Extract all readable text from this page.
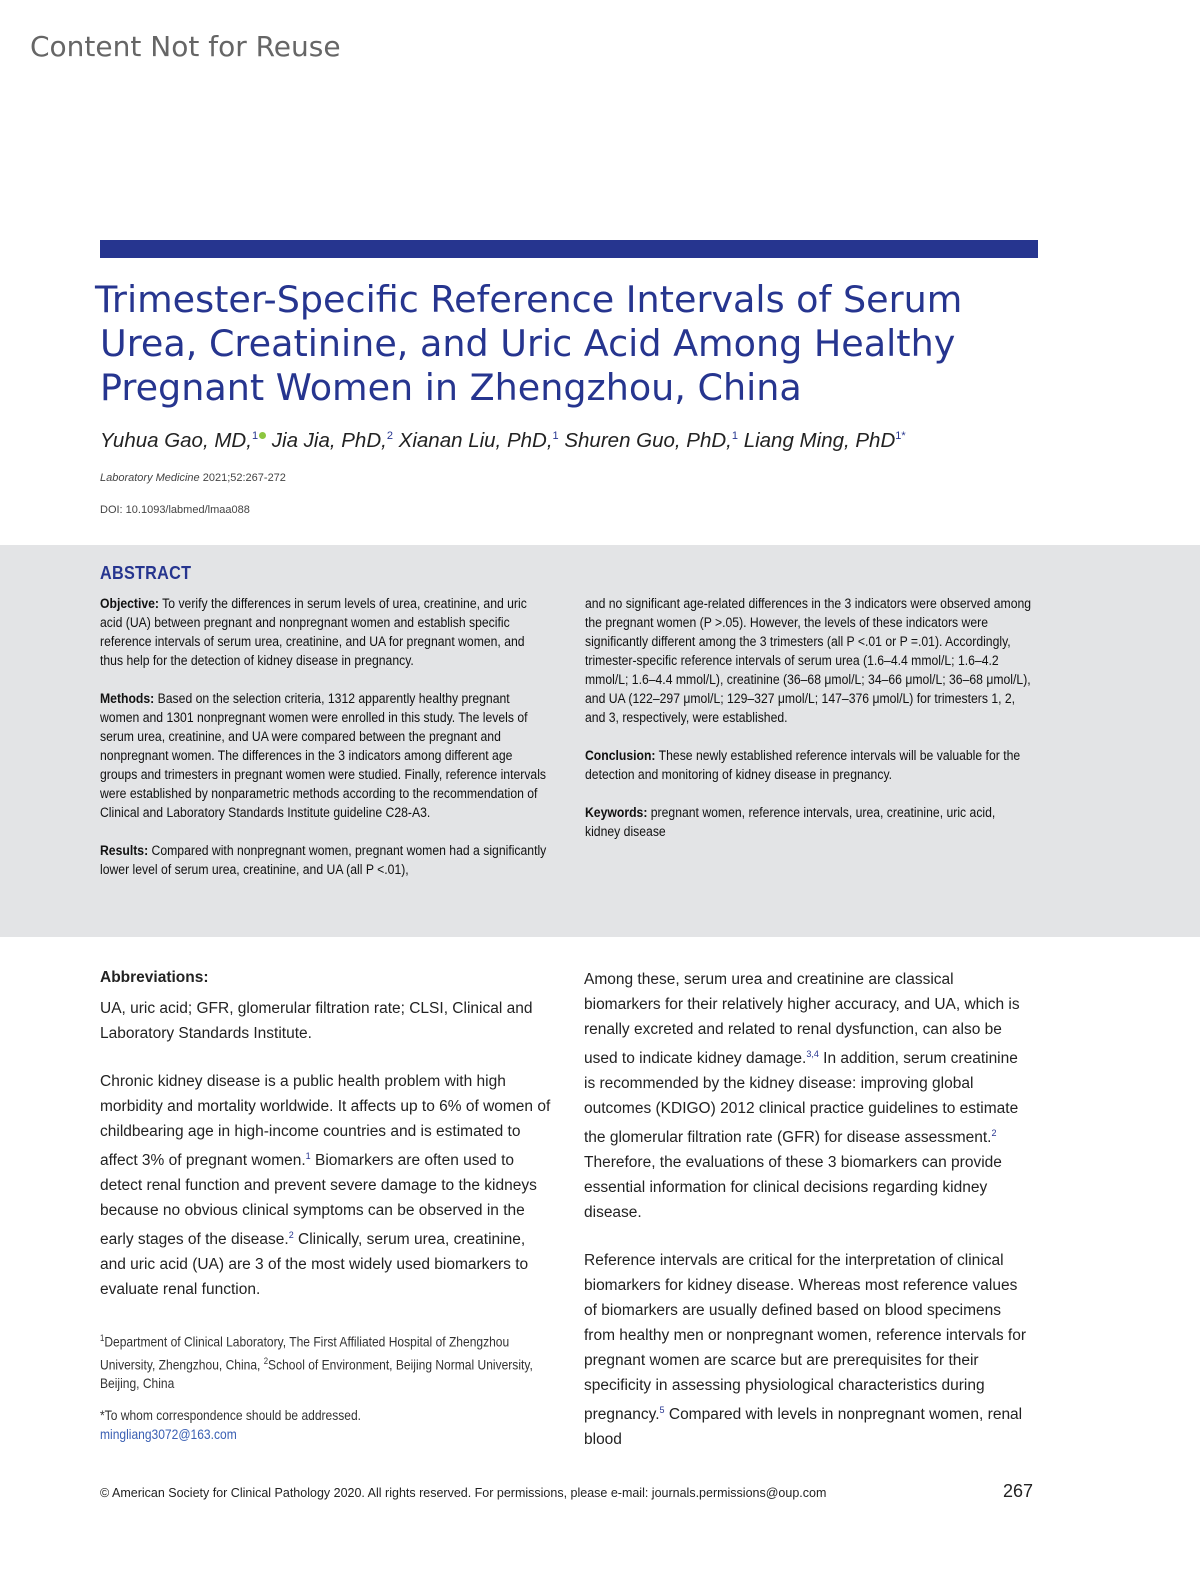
Content Not for Reuse
Trimester-Specific Reference Intervals of Serum
Urea, Creatinine, and Uric Acid Among Healthy
Pregnant Women in Zhengzhou, China
Yuhua Gao, MD,$^1$ Jia Jia, PhD,$^2$ Xianan Liu, PhD,$^1$ Shuren Guo, PhD,$^1$ Liang Ming, PhD$^{1*}$
Laboratory Medicine 2021;52:267-272
DOI: 10.1093/labmed/lmaa088
ABSTRACT

Objective: To verify the differences in serum levels of urea, creatinine, and uric acid (UA) between pregnant and nonpregnant women and establish specific reference intervals of serum urea, creatinine, and UA for pregnant women, and thus help for the detection of kidney disease in pregnancy.

Methods: Based on the selection criteria, 1312 apparently healthy pregnant women and 1301 nonpregnant women were enrolled in this study. The levels of serum urea, creatinine, and UA were compared between the pregnant and nonpregnant women. The differences in the 3 indicators among different age groups and trimesters in pregnant women were studied. Finally, reference intervals were established by nonparametric methods according to the recommendation of Clinical and Laboratory Standards Institute guideline C28-A3.

Results: Compared with nonpregnant women, pregnant women had a significantly lower level of serum urea, creatinine, and UA (all P <.01),

and no significant age-related differences in the 3 indicators were observed among the pregnant women (P >.05). However, the levels of these indicators were significantly different among the 3 trimesters (all P <.01 or P =.01). Accordingly, trimester-specific reference intervals of serum urea (1.6–4.4 mmol/L; 1.6–4.2 mmol/L; 1.6–4.4 mmol/L), creatinine (36–68 μmol/L; 34–66 μmol/L; 36–68 μmol/L), and UA (122–297 μmol/L; 129–327 μmol/L; 147–376 μmol/L) for trimesters 1, 2, and 3, respectively, were established.

Conclusion: These newly established reference intervals will be valuable for the detection and monitoring of kidney disease in pregnancy.

Keywords: pregnant women, reference intervals, urea, creatinine, uric acid, kidney disease

Abbreviations:

UA, uric acid; GFR, glomerular filtration rate; CLSI, Clinical and Laboratory Standards Institute.

Chronic kidney disease is a public health problem with high morbidity and mortality worldwide. It affects up to 6% of women of childbearing age in high-income countries and is estimated to affect 3% of pregnant women.$^1$ Biomarkers are often used to detect renal function and prevent severe damage to the kidneys because no obvious clinical symptoms can be observed in the early stages of the disease.$^2$ Clinically, serum urea, creatinine, and uric acid (UA) are 3 of the most widely used biomarkers to evaluate renal function.

Among these, serum urea and creatinine are classical biomarkers for their relatively higher accuracy, and UA, which is renally excreted and related to renal dysfunction, can also be used to indicate kidney damage.$^{3,4}$ In addition, serum creatinine is recommended by the kidney disease: improving global outcomes (KDIGO) 2012 clinical practice guidelines to estimate the glomerular filtration rate (GFR) for disease assessment.$^2$ Therefore, the evaluations of these 3 biomarkers can provide essential information for clinical decisions regarding kidney disease.

Reference intervals are critical for the interpretation of clinical biomarkers for kidney disease. Whereas most reference values of biomarkers are usually defined based on blood specimens from healthy men or nonpregnant women, reference intervals for pregnant women are scarce but are prerequisites for their specificity in assessing physiological characteristics during pregnancy.$^5$ Compared with levels in nonpregnant women, renal blood

$^1$Department of Clinical Laboratory, The First Affiliated Hospital of Zhengzhou University, Zhengzhou, China, $^2$School of Environment, Beijing Normal University, Beijing, China
*To whom correspondence should be addressed.
mingliang3072@163.com
© American Society for Clinical Pathology 2020. All rights reserved. For permissions, please e-mail: journals.permissions@oup.com	267
